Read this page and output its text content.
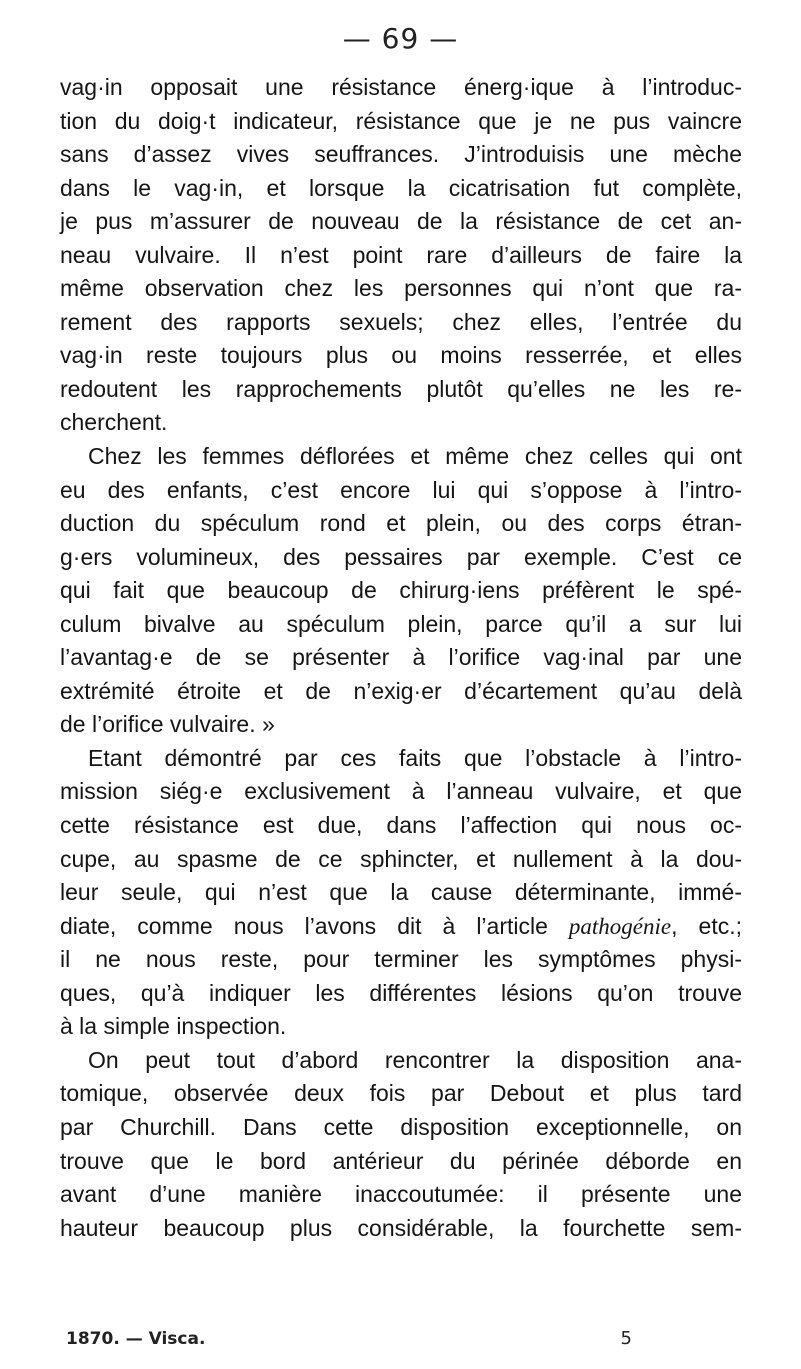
— 69 —
vag·in opposait une résistance énerg·ique à l’introduc-
tion du doig·t indicateur, résistance que je ne pus vaincre
sans d’assez vives seuffrances. J’introduisis une mèche
dans le vag·in, et lorsque la cicatrisation fut complète,
je pus m’assurer de nouveau de la résistance de cet an-
neau vulvaire. Il n’est point rare d’ailleurs de faire la
même observation chez les personnes qui n’ont que ra-
rement des rapports sexuels; chez elles, l’entrée du
vag·in reste toujours plus ou moins resserrée, et elles
redoutent les rapprochements plutôt qu’elles ne les re-
cherchent.
Chez les femmes déflorées et même chez celles qui ont
eu des enfants, c’est encore lui qui s’oppose à l’intro-
duction du spéculum rond et plein, ou des corps étran-
g·ers volumineux, des pessaires par exemple. C’est ce
qui fait que beaucoup de chirurg·iens préfèrent le spé-
culum bivalve au spéculum plein, parce qu’il a sur lui
l’avantag·e de se présenter à l’orifice vag·inal par une
extrémité étroite et de n’exig·er d’écartement qu’au delà
de l’orifice vulvaire. »
Etant démontré par ces faits que l’obstacle à l’intro-
mission siég·e exclusivement à l’anneau vulvaire, et que
cette résistance est due, dans l’affection qui nous oc-
cupe, au spasme de ce sphincter, et nullement à la dou-
leur seule, qui n’est que la cause déterminante, immé-
diate, comme nous l’avons dit à l’article pathogénie, etc.;
il ne nous reste, pour terminer les symptômes physi-
ques, qu’à indiquer les différentes lésions qu’on trouve
à la simple inspection.
On peut tout d’abord rencontrer la disposition ana-
tomique, observée deux fois par Debout et plus tard
par Churchill. Dans cette disposition exceptionnelle, on
trouve que le bord antérieur du périnée déborde en
avant d’une manière inaccoutumée: il présente une
hauteur beaucoup plus considérable, la fourchette sem-
1870. — Visca.	5
